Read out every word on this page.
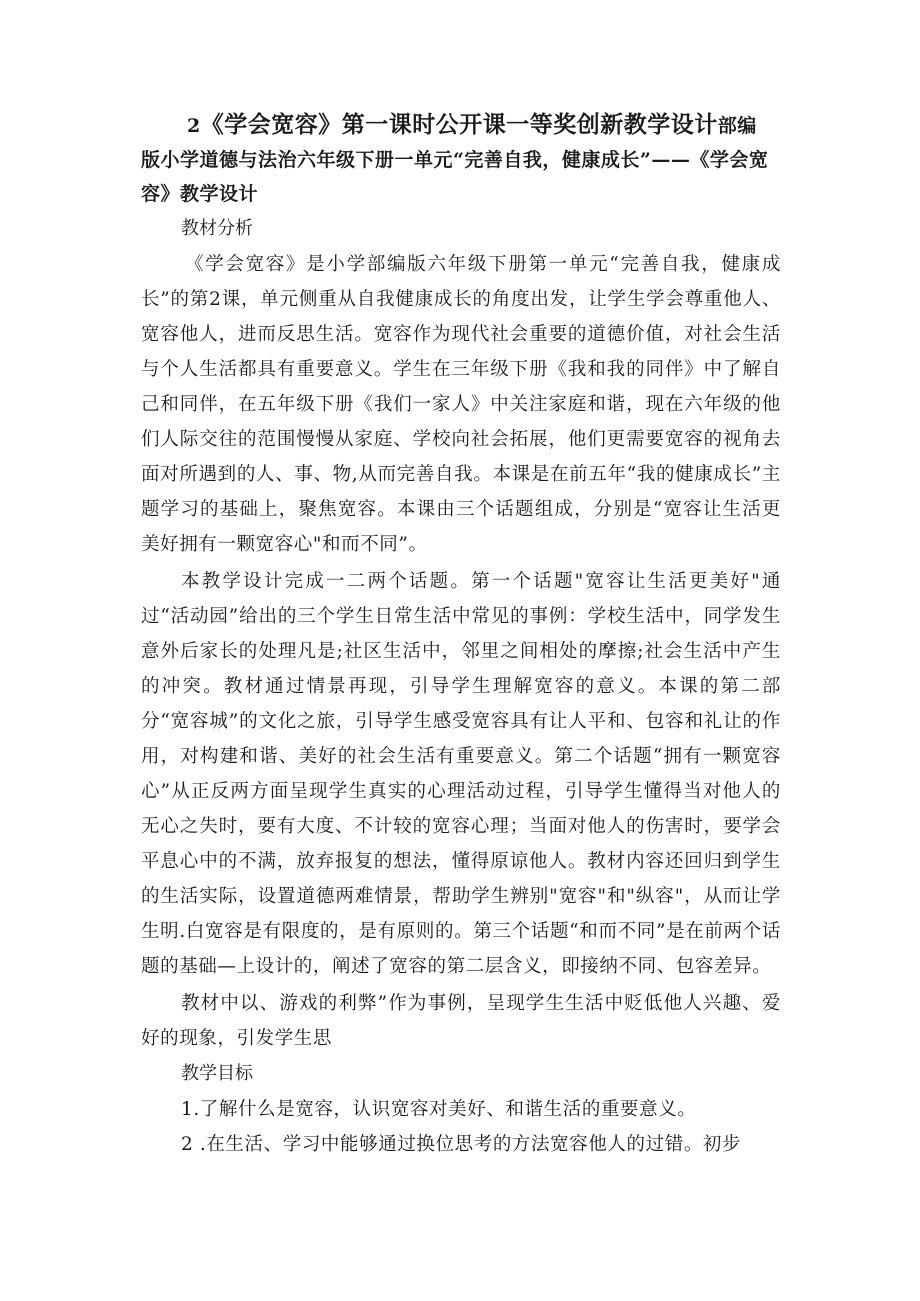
2《学会宽容》第一课时公开课一等奖创新教学设计部编
版小学道德与法治六年级下册一单元“完善自我，健康成长”——《学会宽
容》教学设计

教材分析

《学会宽容》是小学部编版六年级下册第一单元“完善自我，健康成长”的第2课，单元侧重从自我健康成长的角度出发，让学生学会尊重他人、宽容他人，进而反思生活。宽容作为现代社会重要的道德价值，对社会生活与个人生活都具有重要意义。学生在三年级下册《我和我的同伴》中了解自己和同伴，在五年级下册《我们一家人》中关注家庭和谐，现在六年级的他们人际交往的范围慢慢从家庭、学校向社会拓展，他们更需要宽容的视角去面对所遇到的人、事、物,从而完善自我。本课是在前五年“我的健康成长”主题学习的基础上，聚焦宽容。本课由三个话题组成，分别是“宽容让生活更美好拥有一颗宽容心"和而不同”。

本教学设计完成一二两个话题。第一个话题"宽容让生活更美好"通过“活动园”给出的三个学生日常生活中常见的事例：学校生活中，同学发生意外后家长的处理凡是;社区生活中，邻里之间相处的摩擦;社会生活中产生的冲突。教材通过情景再现，引导学生理解宽容的意义。本课的第二部分“宽容城”的文化之旅，引导学生感受宽容具有让人平和、包容和礼让的作用，对构建和谐、美好的社会生活有重要意义。第二个话题“拥有一颗宽容心”从正反两方面呈现学生真实的心理活动过程，引导学生懂得当对他人的无心之失时，要有大度、不计较的宽容心理；当面对他人的伤害时，要学会平息心中的不满，放弃报复的想法，懂得原谅他人。教材内容还回归到学生的生活实际，设置道德两难情景，帮助学生辨别"宽容"和"纵容"，从而让学生明.白宽容是有限度的，是有原则的。第三个话题“和而不同”是在前两个话题的基础—上设计的，阐述了宽容的第二层含义，即接纳不同、包容差异。

教材中以、游戏的利弊”作为事例，呈现学生生活中贬低他人兴趣、爱好的现象，引发学生思

教学目标

1.了解什么是宽容，认识宽容对美好、和谐生活的重要意义。

2 .在生活、学习中能够通过换位思考的方法宽容他人的过错。初步
